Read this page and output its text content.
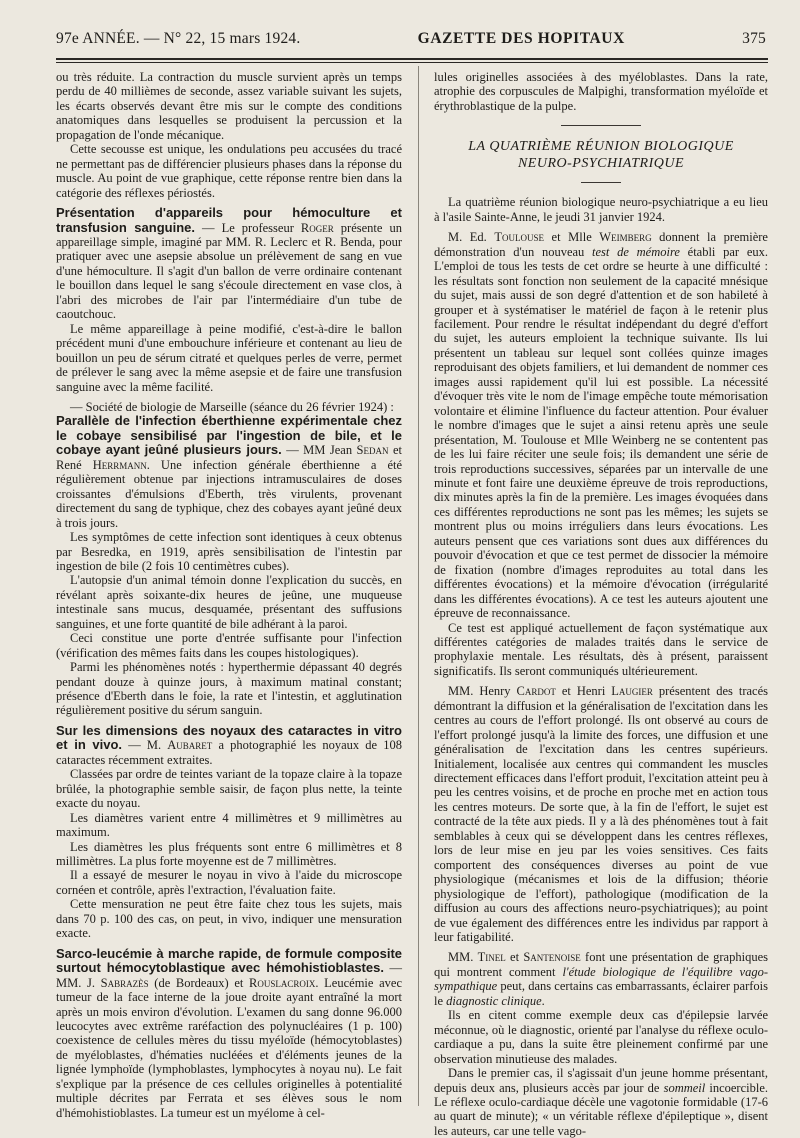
97e ANNÉE. — N° 22, 15 mars 1924.	GAZETTE DES HOPITAUX	375

ou très réduite. La contraction du muscle survient après un temps perdu de 40 millièmes de seconde, assez variable suivant les sujets, les écarts observés devant être mis sur le compte des conditions anatomiques dans lesquelles se produisent la percussion et la propagation de l'onde mécanique.

Cette secousse est unique, les ondulations peu accusées du tracé ne permettant pas de différencier plusieurs phases dans la réponse du muscle. Au point de vue graphique, cette réponse rentre bien dans la catégorie des réflexes périostés.

Présentation d'appareils pour hémoculture et transfusion sanguine. — Le professeur Roger présente un appareillage simple, imaginé par MM. R. Leclerc et R. Benda, pour pratiquer avec une asepsie absolue un prélèvement de sang en vue d'une hémoculture. Il s'agit d'un ballon de verre ordinaire contenant le bouillon dans lequel le sang s'écoule directement en vase clos, à l'abri des microbes de l'air par l'intermédiaire d'un tube de caoutchouc.

Le même appareillage à peine modifié, c'est-à-dire le ballon précédent muni d'une embouchure inférieure et contenant au lieu de bouillon un peu de sérum citraté et quelques perles de verre, permet de prélever le sang avec la même asepsie et de faire une transfusion sanguine avec la même facilité.

— Société de biologie de Marseille (séance du 26 février 1924) :

Parallèle de l'infection éberthienne expérimentale chez le cobaye sensibilisé par l'ingestion de bile, et le cobaye ayant jeûné plusieurs jours. — MM Jean Sedan et René Herrmann. Une infection générale éberthienne a été régulièrement obtenue par injections intramusculaires de doses croissantes d'émulsions d'Eberth, très virulents, provenant directement du sang de typhique, chez des cobayes ayant jeûné deux à trois jours.

Les symptômes de cette infection sont identiques à ceux obtenus par Besredka, en 1919, après sensibilisation de l'intestin par ingestion de bile (2 fois 10 centimètres cubes).

L'autopsie d'un animal témoin donne l'explication du succès, en révélant après soixante-dix heures de jeûne, une muqueuse intestinale sans mucus, desquamée, présentant des suffusions sanguines, et une forte quantité de bile adhérant à la paroi.

Ceci constitue une porte d'entrée suffisante pour l'infection (vérification des mêmes faits dans les coupes histologiques).

Parmi les phénomènes notés : hyperthermie dépassant 40 degrés pendant douze à quinze jours, à maximum matinal constant; présence d'Eberth dans le foie, la rate et l'intestin, et agglutination régulièrement positive du sérum sanguin.

Sur les dimensions des noyaux des cataractes in vitro et in vivo. — M. Aubaret a photographié les noyaux de 108 cataractes récemment extraites.

Classées par ordre de teintes variant de la topaze claire à la topaze brûlée, la photographie semble saisir, de façon plus nette, la teinte exacte du noyau.

Les diamètres varient entre 4 millimètres et 9 millimètres au maximum.

Les diamètres les plus fréquents sont entre 6 millimètres et 8 millimètres. La plus forte moyenne est de 7 millimètres.

Il a essayé de mesurer le noyau in vivo à l'aide du microscope cornéen et contrôle, après l'extraction, l'évaluation faite.

Cette mensuration ne peut être faite chez tous les sujets, mais dans 70 p. 100 des cas, on peut, in vivo, indiquer une mensuration exacte.

Sarco-leucémie à marche rapide, de formule composite surtout hémocytoblastique avec hémohistioblastes. — MM. J. Sabrazès (de Bordeaux) et Rouslacroix. Leucémie avec tumeur de la face interne de la joue droite ayant entraîné la mort après un mois environ d'évolution. L'examen du sang donne 96.000 leucocytes avec extrême raréfaction des polynucléaires (1 p. 100) coexistence de cellules mères du tissu myéloïde (hémocytoblastes) de myéloblastes, d'hématies nucléées et d'éléments jeunes de la lignée lymphoïde (lymphoblastes, lymphocytes à noyau nu). Le fait s'explique par la présence de ces cellules originelles à potentialité multiple décrites par Ferrata et ses élèves sous le nom d'hémohistioblastes. La tumeur est un myélome à cel-

lules originelles associées à des myéloblastes. Dans la rate, atrophie des corpuscules de Malpighi, transformation myéloïde et érythroblastique de la pulpe.

LA QUATRIÈME RÉUNION BIOLOGIQUE
NEURO-PSYCHIATRIQUE

La quatrième réunion biologique neuro-psychiatrique a eu lieu à l'asile Sainte-Anne, le jeudi 31 janvier 1924.

M. Ed. Toulouse et Mlle Weimberg donnent la première démonstration d'un nouveau test de mémoire établi par eux. L'emploi de tous les tests de cet ordre se heurte à une difficulté : les résultats sont fonction non seulement de la capacité mnésique du sujet, mais aussi de son degré d'attention et de son habileté à grouper et à systématiser le matériel de façon à le retenir plus facilement. Pour rendre le résultat indépendant du degré d'effort du sujet, les auteurs emploient la technique suivante. Ils lui présentent un tableau sur lequel sont collées quinze images reproduisant des objets familiers, et lui demandent de nommer ces images aussi rapidement qu'il lui est possible. La nécessité d'évoquer très vite le nom de l'image empêche toute mémorisation volontaire et élimine l'influence du facteur attention. Pour évaluer le nombre d'images que le sujet a ainsi retenu après une seule présentation, M. Toulouse et Mlle Weinberg ne se contentent pas de les lui faire réciter une seule fois; ils demandent une série de trois reproductions successives, séparées par un intervalle de une minute et font faire une deuxième épreuve de trois reproductions, dix minutes après la fin de la première. Les images évoquées dans ces différentes reproductions ne sont pas les mêmes; les sujets se montrent plus ou moins irréguliers dans leurs évocations. Les auteurs pensent que ces variations sont dues aux différences du pouvoir d'évocation et que ce test permet de dissocier la mémoire de fixation (nombre d'images reproduites au total dans les différentes évocations) et la mémoire d'évocation (irrégularité dans les différentes évocations). A ce test les auteurs ajoutent une épreuve de reconnaissance.

Ce test est appliqué actuellement de façon systématique aux différentes catégories de malades traités dans le service de prophylaxie mentale. Les résultats, dès à présent, paraissent significatifs. Ils seront communiqués ultérieurement.

MM. Henry Cardot et Henri Laugier présentent des tracés démontrant la diffusion et la généralisation de l'excitation dans les centres au cours de l'effort prolongé. Ils ont observé au cours de l'effort prolongé jusqu'à la limite des forces, une diffusion et une généralisation de l'excitation dans les centres supérieurs. Initialement, localisée aux centres qui commandent les muscles directement efficaces dans l'effort produit, l'excitation atteint peu à peu les centres voisins, et de proche en proche met en action tous les centres moteurs. De sorte que, à la fin de l'effort, le sujet est contracté de la tête aux pieds. Il y a là des phénomènes tout à fait semblables à ceux qui se développent dans les centres réflexes, lors de leur mise en jeu par les voies sensitives. Ces faits comportent des conséquences diverses au point de vue physiologique (mécanismes et lois de la diffusion; théorie physiologique de l'effort), pathologique (modification de la diffusion au cours des affections neuro-psychiatriques); au point de vue également des différences entre les individus par rapport à leur fatigabilité.

MM. Tinel et Santenoise font une présentation de graphiques qui montrent comment l'étude biologique de l'équilibre vago-sympathique peut, dans certains cas embarrassants, éclairer parfois le diagnostic clinique.

Ils en citent comme exemple deux cas d'épilepsie larvée méconnue, où le diagnostic, orienté par l'analyse du réflexe oculo-cardiaque a pu, dans la suite être pleinement confirmé par une observation minutieuse des malades.

Dans le premier cas, il s'agissait d'un jeune homme présentant, depuis deux ans, plusieurs accès par jour de sommeil incoercible. Le réflexe oculo-cardiaque décèle une vagotonie formidable (17-6 au quart de minute); « un véritable réflexe d'épileptique », disent les auteurs, car une telle vago-
